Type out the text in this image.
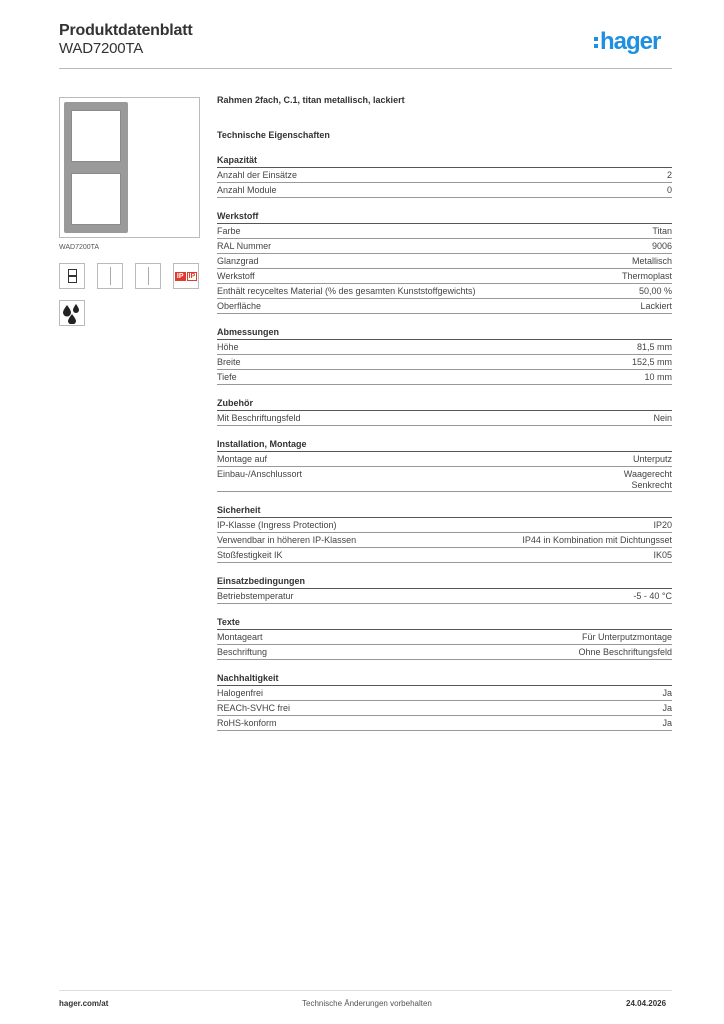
Produktdatenblatt
WAD7200TA	hager
WAD7200TA
IP IP
Rahmen 2fach, C.1, titan metallisch, lackiert
Technische Eigenschaften
Kapazität
Anzahl der Einsätze	2
Anzahl Module	0
Werkstoff
Farbe	Titan
RAL Nummer	9006
Glanzgrad	Metallisch
Werkstoff	Thermoplast
Enthält recyceltes Material (% des gesamten Kunststoffgewichts)	50,00 %
Oberfläche	Lackiert
Abmessungen
Höhe	81,5 mm
Breite	152,5 mm
Tiefe	10 mm
Zubehör
Mit Beschriftungsfeld	Nein
Installation, Montage
Montage auf	Unterputz
Einbau-/Anschlussort	Waagerecht
Senkrecht
Sicherheit
IP-Klasse (Ingress Protection)	IP20
Verwendbar in höheren IP-Klassen	IP44 in Kombination mit Dichtungsset
Stoßfestigkeit IK	IK05
Einsatzbedingungen
Betriebstemperatur	-5 - 40 °C
Texte
Montageart	Für Unterputzmontage
Beschriftung	Ohne Beschriftungsfeld
Nachhaltigkeit
Halogenfrei	Ja
REACh-SVHC frei	Ja
RoHS-konform	Ja
hager.com/at	Technische Änderungen vorbehalten	24.04.2026
